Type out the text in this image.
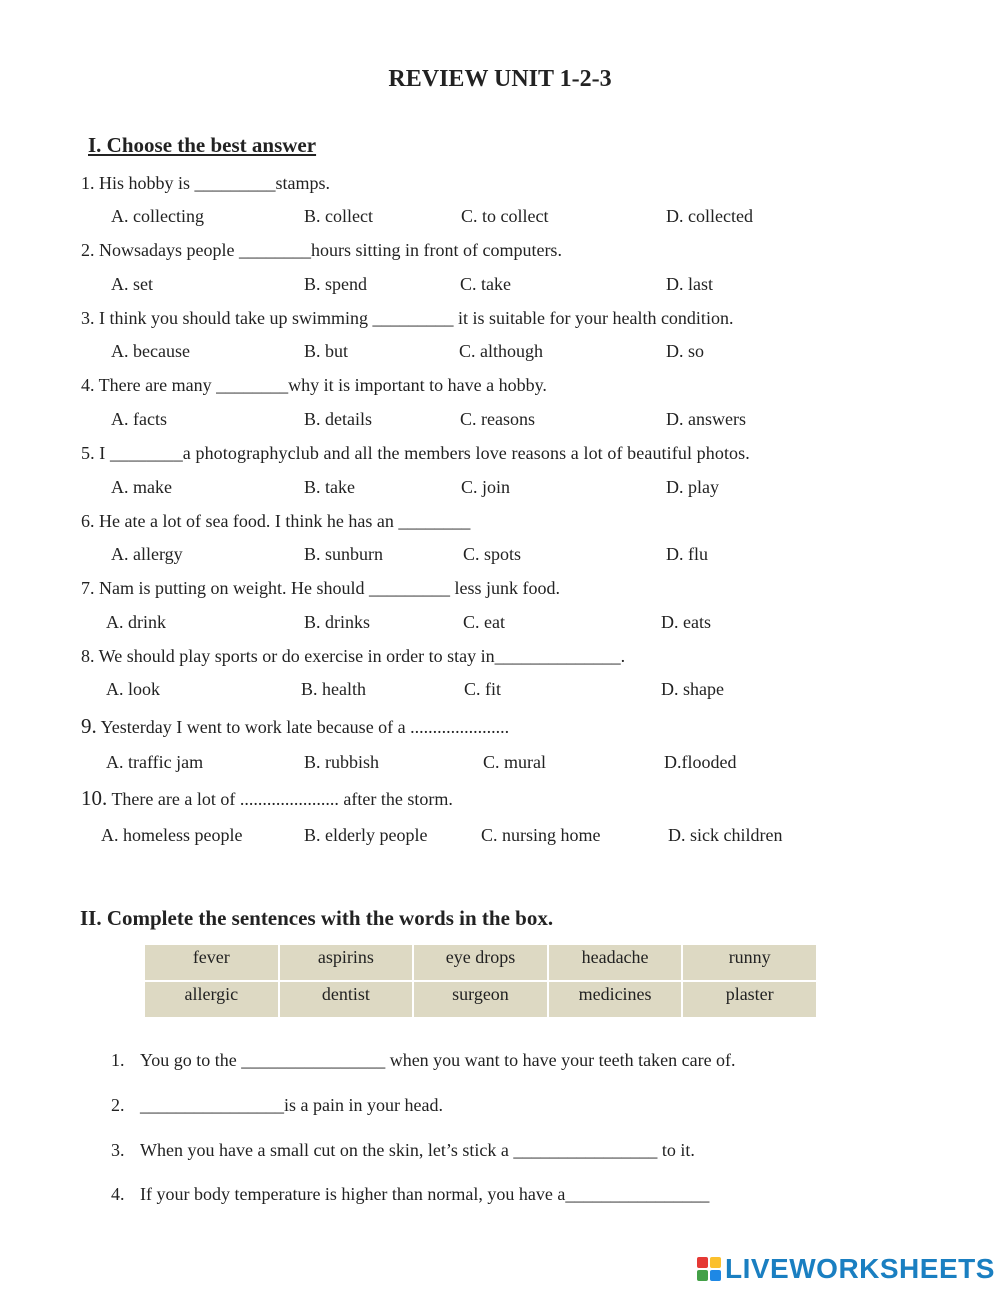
REVIEW UNIT 1-2-3
I. Choose the best answer
1. His hobby is _________stamps.
A. collecting	B. collect	C. to collect	D. collected
2. Nowsadays people ________hours sitting in front of computers.
A. set	B. spend	C. take	D. last
3. I think you should take up swimming _________ it is suitable for your health condition.
A. because	B. but	C. although	D. so
4. There are many ________why it is important to have a hobby.
A. facts	B. details	C. reasons	D. answers
5. I ________a photographyclub and all the members love reasons a lot of beautiful photos.
A. make	B. take	C. join	D. play
6. He ate a lot of sea food. I think he has an ________
A. allergy	B. sunburn	C. spots	D. flu
7. Nam is putting on weight. He should _________ less junk food.
A. drink	B. drinks	C. eat	D. eats
8. We should play sports or do exercise in order to stay in______________.
A. look	B. health	C. fit	D. shape
9. Yesterday I went to work late because of a ......................
A. traffic jam	B. rubbish	C. mural	D.flooded
10. There are a lot of ...................... after the storm.
A. homeless people	B. elderly people	C. nursing home	D. sick children
II. Complete the sentences with the words in the box.
fever	aspirins	eye drops	headache	runny
allergic	dentist	surgeon	medicines	plaster
1. You go to the ________________ when you want to have your teeth taken care of.
2. ________________is a pain in your head.
3. When you have a small cut on the skin, let’s stick a ________________ to it.
4. If your body temperature is higher than normal, you have a________________
LIVEWORKSHEETS
